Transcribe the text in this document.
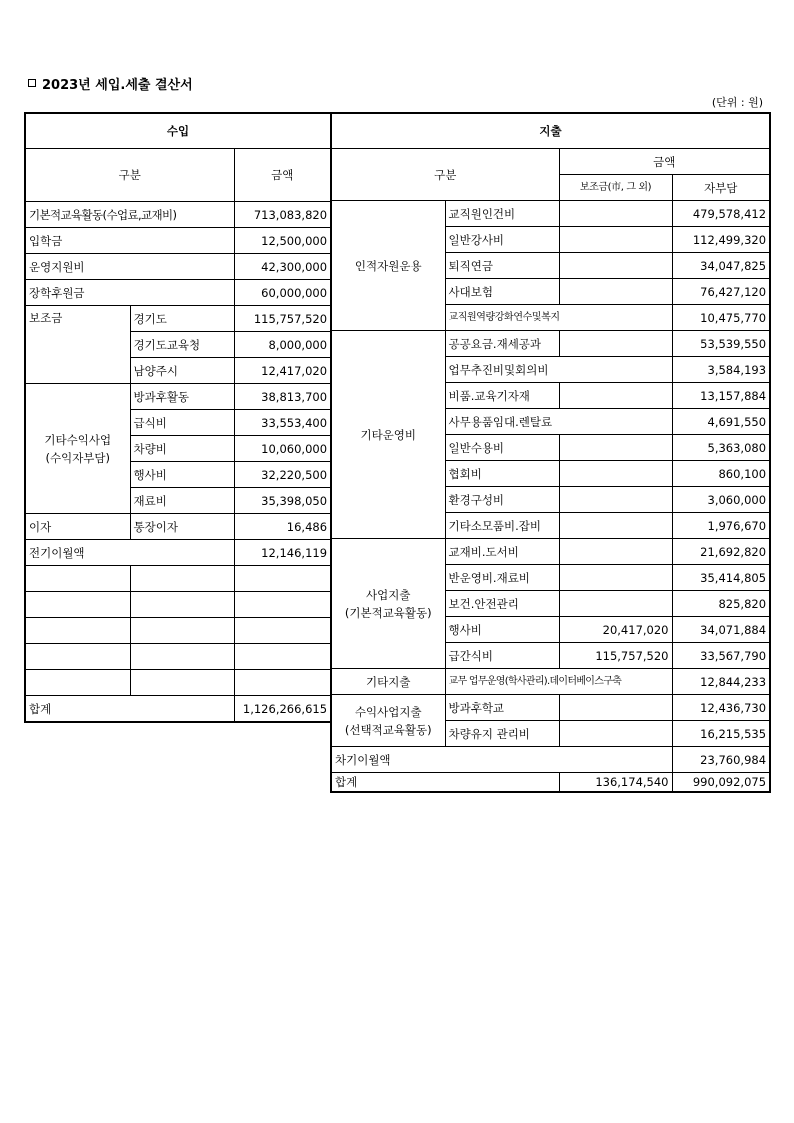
2023년 세입.세출 결산서
(단위 : 원)
수입		
구분		금액
기본적교육활동(수업료,교재비)		713,083,820
입학금		12,500,000
운영지원비		42,300,000
장학후원금		60,000,000
보조금	경기도	115,757,520
	경기도교육청	8,000,000
	남양주시	12,417,020
기타수익사업
(수익자부담)	방과후활동	38,813,700
	급식비	33,553,400
	차량비	10,060,000
	행사비	32,220,500
	재료비	35,398,050
이자	통장이자	16,486
전기이월액		12,146,119

합계		1,126,266,615
지출			
구분		금액	
		보조금(市, 그 외)	자부담
인적자원운용	교직원인건비		479,578,412
	일반강사비		112,499,320
	퇴직연금		34,047,825
	사대보험		76,427,120
	교직원역량강화연수및복지		10,475,770
기타운영비	공공요금.재세공과		53,539,550
	업무추진비및회의비		3,584,193
	비품.교육기자재		13,157,884
	사무용품임대.렌탈료		4,691,550
	일반수용비		5,363,080
	협회비		860,100
	환경구성비		3,060,000
	기타소모품비.잡비		1,976,670
사업지출
(기본적교육활동)	교재비.도서비		21,692,820
	반운영비.재료비		35,414,805
	보건.안전관리		825,820
	행사비	20,417,020	34,071,884
	급간식비	115,757,520	33,567,790
기타지출	교무 업무운영(학사관리).데이터베이스구축		12,844,233
수익사업지출
(선택적교육활동)	방과후학교		12,436,730
	차량유지 관리비		16,215,535
차기이월액			23,760,984
합계		136,174,540	990,092,075
